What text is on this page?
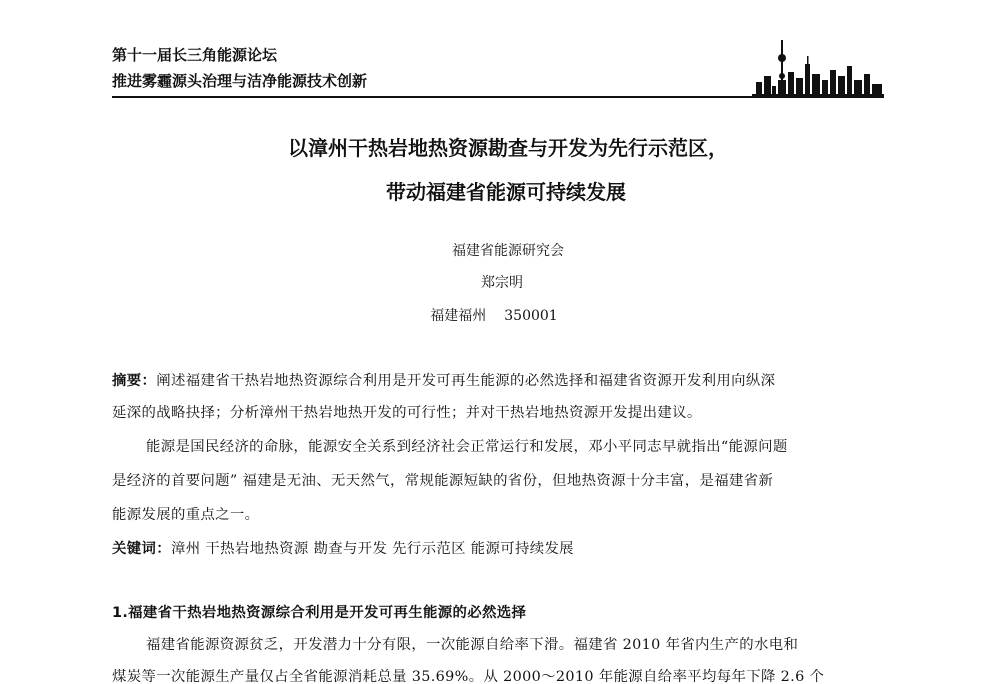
第十一届长三角能源论坛
推进雾霾源头治理与洁净能源技术创新
以漳州干热岩地热资源勘查与开发为先行示范区，
带动福建省能源可持续发展
福建省能源研究会
郑宗明
福建福州 350001
摘要：阐述福建省干热岩地热资源综合利用是开发可再生能源的必然选择和福建省资源开发利用向纵深
延深的战略抉择；分析漳州干热岩地热开发的可行性；并对干热岩地热资源开发提出建议。
能源是国民经济的命脉，能源安全关系到经济社会正常运行和发展，邓小平同志早就指出“能源问题
是经济的首要问题” 福建是无油、无天然气，常规能源短缺的省份，但地热资源十分丰富，是福建省新
能源发展的重点之一。
关键词：漳州 干热岩地热资源 勘查与开发 先行示范区 能源可持续发展
1.福建省干热岩地热资源综合利用是开发可再生能源的必然选择
福建省能源资源贫乏，开发潜力十分有限，一次能源自给率下滑。福建省 2010 年省内生产的水电和
煤炭等一次能源生产量仅占全省能源消耗总量 35.69%。从 2000～2010 年能源自给率平均每年下降 2.6 个
